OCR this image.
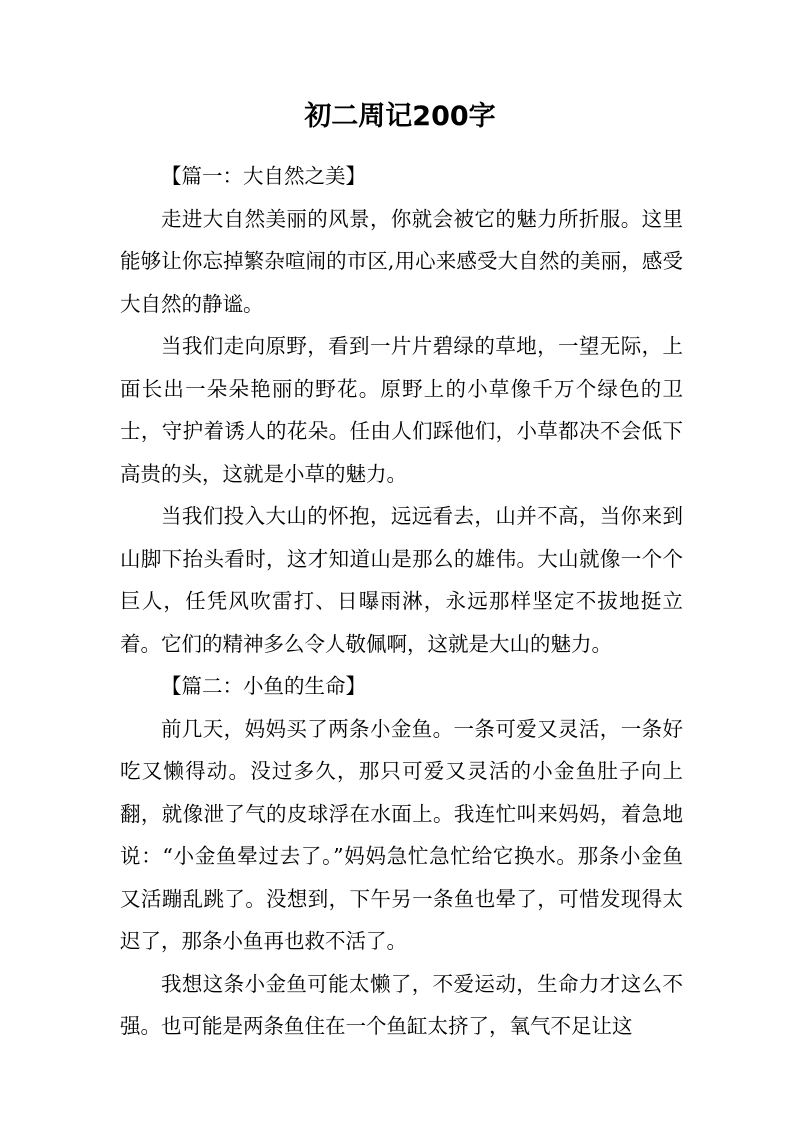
初二周记200字

【篇一：大自然之美】

走进大自然美丽的风景，你就会被它的魅力所折服。这里能够让你忘掉繁杂喧闹的市区,用心来感受大自然的美丽，感受大自然的静谧。

当我们走向原野，看到一片片碧绿的草地，一望无际，上面长出一朵朵艳丽的野花。原野上的小草像千万个绿色的卫士，守护着诱人的花朵。任由人们踩他们，小草都决不会低下高贵的头，这就是小草的魅力。

当我们投入大山的怀抱，远远看去，山并不高，当你来到山脚下抬头看时，这才知道山是那么的雄伟。大山就像一个个巨人，任凭风吹雷打、日曝雨淋，永远那样坚定不拔地挺立着。它们的精神多么令人敬佩啊，这就是大山的魅力。

【篇二：小鱼的生命】

前几天，妈妈买了两条小金鱼。一条可爱又灵活，一条好吃又懒得动。没过多久，那只可爱又灵活的小金鱼肚子向上翻，就像泄了气的皮球浮在水面上。我连忙叫来妈妈，着急地说：“小金鱼晕过去了。”妈妈急忙急忙给它换水。那条小金鱼又活蹦乱跳了。没想到，下午另一条鱼也晕了，可惜发现得太迟了，那条小鱼再也救不活了。

我想这条小金鱼可能太懒了，不爱运动，生命力才这么不强。也可能是两条鱼住在一个鱼缸太挤了，氧气不足让这
